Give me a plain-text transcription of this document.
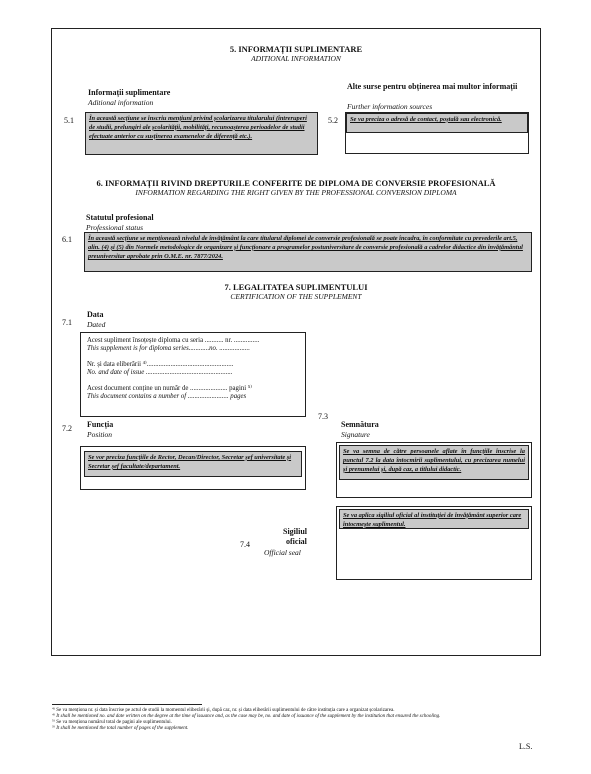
5. INFORMAȚII SUPLIMENTARE
ADITIONAL INFORMATION
Informații suplimentare
Aditional information
5.1	În această secțiune se înscriu mențiuni privind școlarizarea titularului (întreruperi de studii, prelungiri ale școlarității, mobilități, recunoașterea perioadelor de studii efectuate anterior cu susținerea examenelor de diferență etc.).
Alte surse pentru obținerea mai multor informații
Further information sources
5.2	Se va preciza o adresă de contact, poștală sau electronică.
6. INFORMAȚII RIVIND DREPTURILE CONFERITE DE DIPLOMA DE CONVERSIE PROFESIONALĂ
INFORMATION REGARDING THE RIGHT GIVEN BY THE PROFESSIONAL CONVERSION DIPLOMA
Statutul profesional
Professional status
6.1	În această secțiune se menționează nivelul de învățământ la care titularul diplomei de conversie profesională se poate încadra, în conformitate cu prevederile art.5, alin. (4) și (5) din Normele metodologice de organizare și funcționare a programelor postuniversitare de conversie profesională a cadrelor didactice din învățământul preuniversitar aprobate prin O.M.E. nr. 7877/2024.
7. LEGALITATEA SUPLIMENTULUI
CERTIFICATION OF THE SUPPLEMENT
Data
Dated
7.1
Acest supliment însoțește diploma cu seria ........... nr. ...............
This supplement is for diploma series............no. ..................
Nr. și data eliberării ⁴⁾...................................................
No. and date of issue ...................................................
Acest document conține un număr de ...................... pagini ⁵⁾
This document contains a number of ........................ pages
7.2 Funcția
Position
Se vor preciza funcțiile de Rector, Decan/Director, Secretar șef universitate și Secretar șef facultate/departament.
7.3
Semnătura
Signature
Se va semna de către persoanele aflate în funcțiile înscrise la punctul 7.2 la data întocmirii suplimentului, cu precizarea numelui și prenumelui și, după caz, a titlului didactic.
Sigiliul
oficial
7.4
Official seal
Se va aplica sigiliul oficial al instituției de învățământ superior care întocmește suplimentul.
⁴⁾ Se va menționa nr. și data înscrise pe actul de studii la momentul eliberării și, după caz, nr. și data eliberării suplimentului de către instituția care a organizat școlarizarea.
⁴⁾ It shall be mentioned no. and date written on the degree at the time of issuance and, as the case may be, no. and date of issuance of the supplement by the institution that ensured the schooling.
⁵⁾ Se va menționa numărul total de pagini ale suplimentului.
⁵⁾ It shall be mentioned the total number of pages of the supplement.
L.S.
